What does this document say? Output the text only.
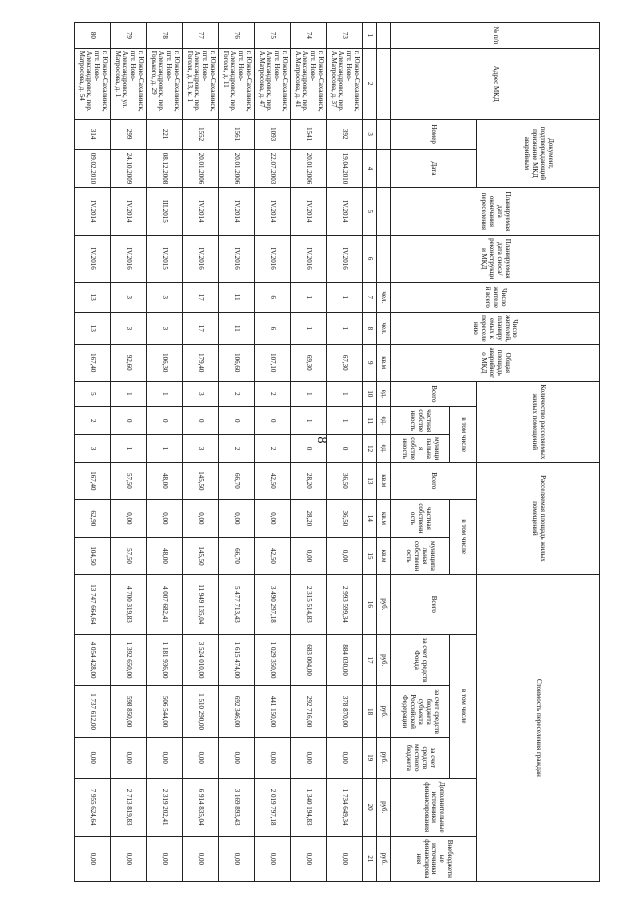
8
№ п/п	Адрес МКД	Документ, подтверждающий признание МКД аварийным		Планируемая дата окончания переселения	Планируемая дата сноса/реконструкции МКД	Число жителей всего	Число жителей, планируемых к переселению	Общая площадь аварийного МКД	Количество расселяемых жилых помещений			Расселяемая площадь жилых помещений			Стоимость переселения граждан					
		Номер	Дата						Всего	в том числе		Всего	в том числе		Всего	в том числе			Дополнительные источники финансирования	Внебюджетные источники финансирования
										частная собственность	муниципальная собственность		частная собственность	муниципальная собственность		за счет средств Фонда	за счет средств бюджета субъекта Российской Федерации	за счет средств местного бюджета		
						чел.	чел.	кв.м	ед.	ед.	ед.	кв.м	кв.м	кв.м	руб.	руб.	руб.	руб.	руб.	руб.
1	2	3	4	5	6	7	8	9	10	11	12	13	14	15	16	17	18	19	20	21
73	г. Южно-Сахалинск, пгт. Ново-Александровск, пер. А.Матросова, д. 37	392	19.04.2010	IV.2014	IV.2016	1	1	67,30	1	1	0	36,50	36,50	0,00	2 993 599,34	884 030,00	378 870,00	0,00	1 734 649,34	0,00
74	г. Южно-Сахалинск, пгт. Ново-Александровск, пер. А.Матросова, д. 41	1541	20.01.2006	IV.2014	IV.2016	1	1	69,30	1	1	0	28,20	28,20	0,00	2 315 514,83	683 004,00	292 716,00	0,00	1 340 194,83	0,00
75	г. Южно-Сахалинск, пгт. Ново-Александровск, пер. А.Матросова, д. 47	1093	22.07.2003	IV.2014	IV.2016	6	6	107,10	2	0	2	42,50	0,00	42,50	3 490 297,18	1 029 350,00	441 150,00	0,00	2 019 797,18	0,00
76	г. Южно-Сахалинск, пгт. Ново-Александровск, пер. Гоголя, д. 11	1561	20.01.2006	IV.2014	IV.2016	11	11	106,60	2	0	2	66,70	0,00	66,70	5 477 713,43	1 615 474,00	692 346,00	0,00	3 169 893,43	0,00
77	г. Южно-Сахалинск, пгт. Ново-Александровск, пер. Гоголя, д. 13, к. 1	1552	20.01.2006	IV.2014	IV.2016	17	17	179,40	3	0	3	145,50	0,00	145,50	11 949 135,04	3 524 010,00	1 510 290,00	0,00	6 914 835,04	0,00
78	г. Южно-Сахалинск, пгт. Ново-Александровск, пер. Горького, д. 29	221	08.12.2008	III.2015	IV.2015	3	3	106,30	1	0	1	48,00	0,00	48,00	4 007 682,41	1 181 936,00	506 544,00	0,00	2 319 202,41	0,00
79	г. Южно-Сахалинск, пгт. Ново-Александровск, ул. Матросова, д. 1	299	24.10.2009	IV.2014	IV.2016	3	3	92,60	1	0	1	57,50	0,00	57,50	4 700 319,83	1 392 650,00	598 850,00	0,00	2 713 819,83	0,00
80	г. Южно-Сахалинск, пгт. Ново-Александровск, пер. Матросова, д. 54	314	09.02.2010	IV.2014	IV.2016	13	13	167,40	5	2	3	167,40	62,90	104,50	13 747 664,64	4 054 428,00	1 737 612,00	0,00	7 955 624,64	0,00
